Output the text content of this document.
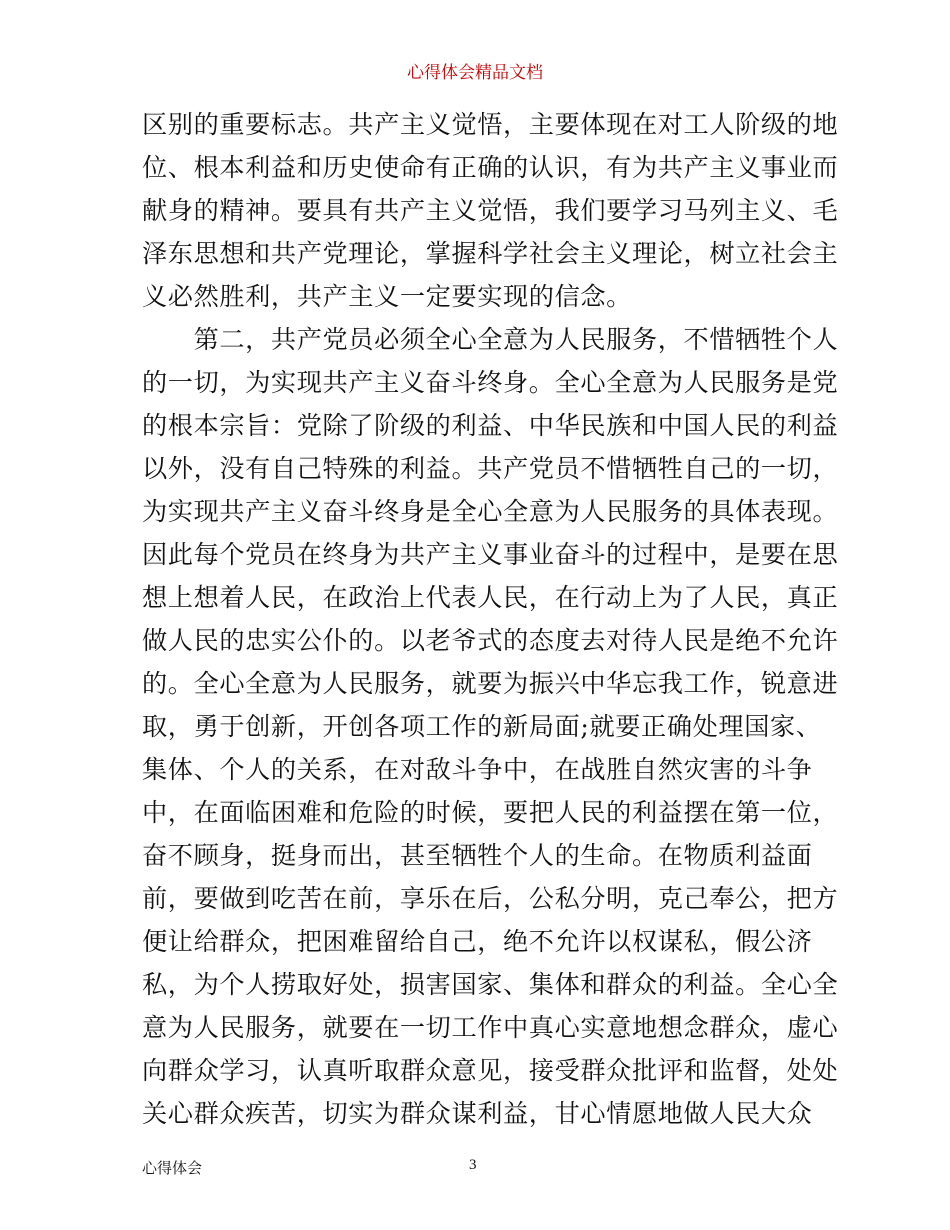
心得体会精品文档
区别的重要标志。共产主义觉悟，主要体现在对工人阶级的地
位、根本利益和历史使命有正确的认识，有为共产主义事业而
献身的精神。要具有共产主义觉悟，我们要学习马列主义、毛
泽东思想和共产党理论，掌握科学社会主义理论，树立社会主
义必然胜利，共产主义一定要实现的信念。
　　第二，共产党员必须全心全意为人民服务，不惜牺牲个人
的一切，为实现共产主义奋斗终身。全心全意为人民服务是党
的根本宗旨：党除了阶级的利益、中华民族和中国人民的利益
以外，没有自己特殊的利益。共产党员不惜牺牲自己的一切，
为实现共产主义奋斗终身是全心全意为人民服务的具体表现。
因此每个党员在终身为共产主义事业奋斗的过程中，是要在思
想上想着人民，在政治上代表人民，在行动上为了人民，真正
做人民的忠实公仆的。以老爷式的态度去对待人民是绝不允许
的。全心全意为人民服务，就要为振兴中华忘我工作，锐意进
取，勇于创新，开创各项工作的新局面;就要正确处理国家、
集体、个人的关系，在对敌斗争中，在战胜自然灾害的斗争
中，在面临困难和危险的时候，要把人民的利益摆在第一位，
奋不顾身，挺身而出，甚至牺牲个人的生命。在物质利益面
前，要做到吃苦在前，享乐在后，公私分明，克己奉公，把方
便让给群众，把困难留给自己，绝不允许以权谋私，假公济
私，为个人捞取好处，损害国家、集体和群众的利益。全心全
意为人民服务，就要在一切工作中真心实意地想念群众，虚心
向群众学习，认真听取群众意见，接受群众批评和监督，处处
关心群众疾苦，切实为群众谋利益，甘心情愿地做人民大众
心得体会	3
